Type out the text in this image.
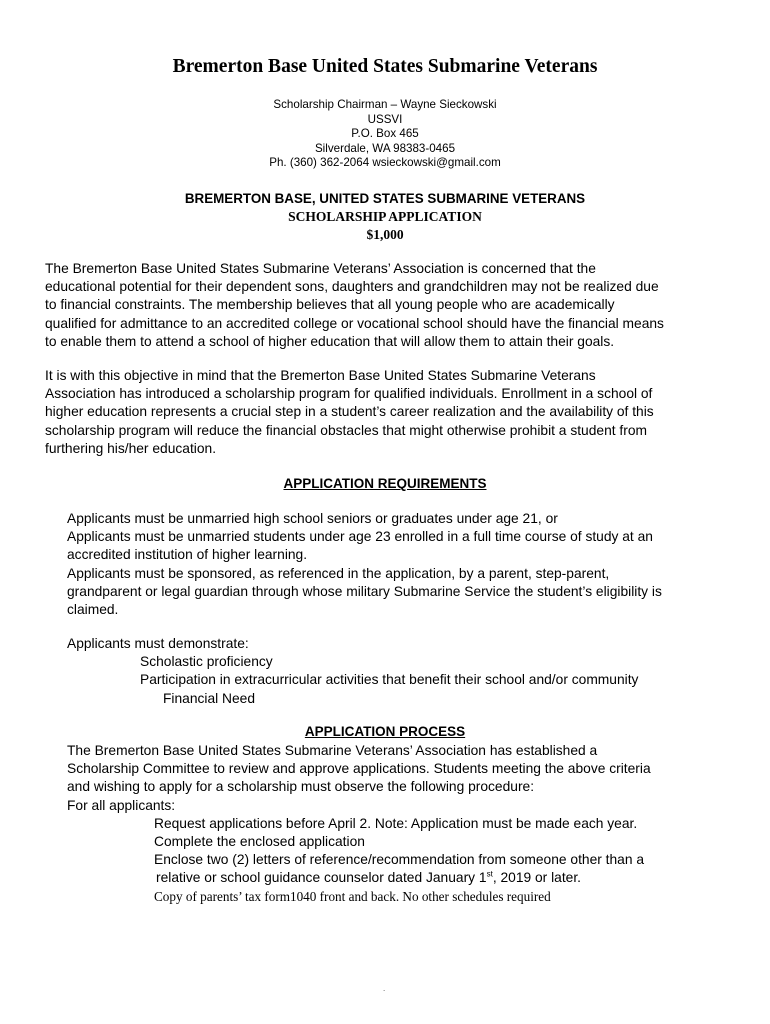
Bremerton Base United States Submarine Veterans
Scholarship Chairman – Wayne Sieckowski
USSVI
P.O. Box 465
Silverdale, WA 98383-0465
Ph. (360) 362-2064 wsieckowski@gmail.com
BREMERTON BASE, UNITED STATES SUBMARINE VETERANS
SCHOLARSHIP APPLICATION
$1,000
The Bremerton Base United States Submarine Veterans’ Association is concerned that the
educational potential for their dependent sons, daughters and grandchildren may not be realized due
to financial constraints. The membership believes that all young people who are academically
qualified for admittance to an accredited college or vocational school should have the financial means
to enable them to attend a school of higher education that will allow them to attain their goals.
It is with this objective in mind that the Bremerton Base United States Submarine Veterans
Association has introduced a scholarship program for qualified individuals. Enrollment in a school of
higher education represents a crucial step in a student’s career realization and the availability of this
scholarship program will reduce the financial obstacles that might otherwise prohibit a student from
furthering his/her education.
APPLICATION REQUIREMENTS
Applicants must be unmarried high school seniors or graduates under age 21, or
Applicants must be unmarried students under age 23 enrolled in a full time course of study at an
accredited institution of higher learning.
Applicants must be sponsored, as referenced in the application, by a parent, step-parent,
grandparent or legal guardian through whose military Submarine Service the student’s eligibility is
claimed.
Applicants must demonstrate:
Scholastic proficiency
Participation in extracurricular activities that benefit their school and/or community
Financial Need
APPLICATION PROCESS
The Bremerton Base United States Submarine Veterans’ Association has established a
Scholarship Committee to review and approve applications. Students meeting the above criteria
and wishing to apply for a scholarship must observe the following procedure:
For all applicants:
Request applications before April 2. Note: Application must be made each year.
Complete the enclosed application
Enclose two (2) letters of reference/recommendation from someone other than a
relative or school guidance counselor dated January 1st, 2019 or later.
Copy of parents’ tax form1040 front and back. No other schedules required
.
